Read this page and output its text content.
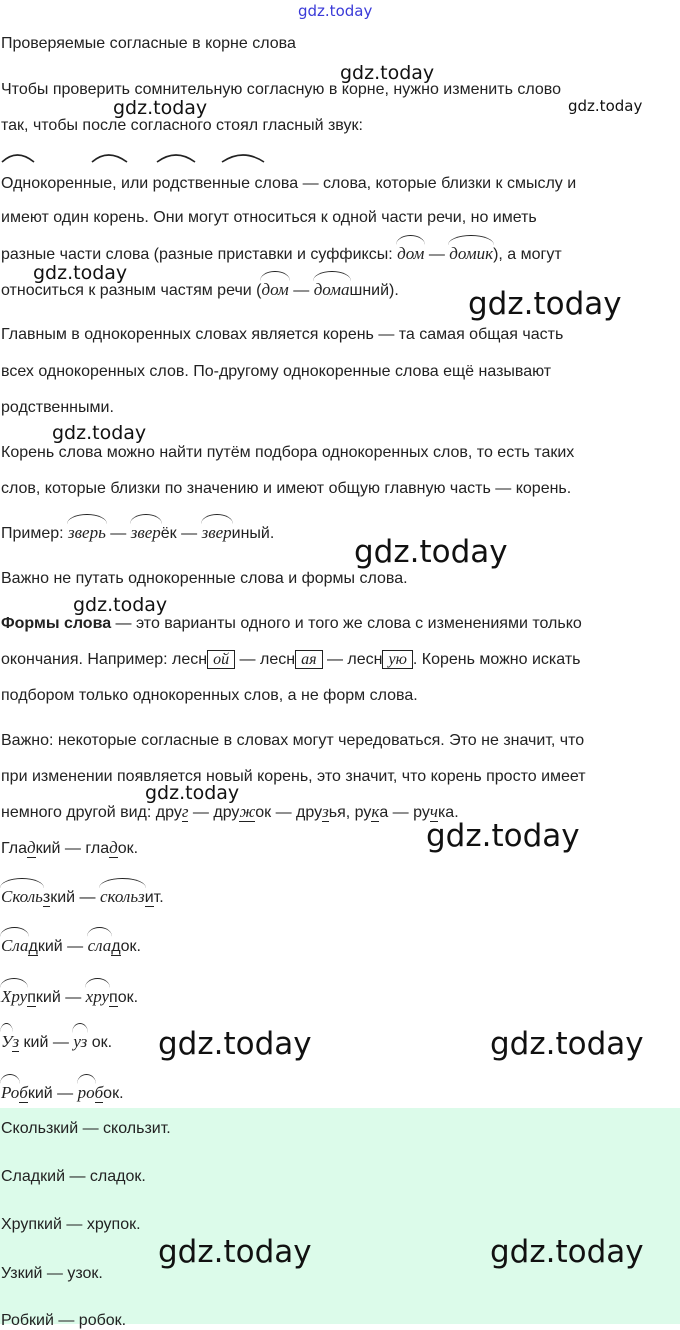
gdz.today
gdz.today
gdz.today	gdz.today
gdz.today
gdz.today
gdz.today
gdz.today
gdz.today
gdz.today
gdz.today
Проверяемые согласные в корне слова
Чтобы проверить сомнительную согласную в корне, нужно изменить слово
так, чтобы после согласного стоял гласный звук:
Однокоренные, или родственные слова — слова, которые близки к смыслу и
имеют один корень. Они могут относиться к одной части речи, но иметь
разные части слова (разные приставки и суффиксы: дом — домик), а могут
относиться к разным частям речи (дом — домашний).
Главным в однокоренных словах является корень — та самая общая часть
всех однокоренных слов. По-другому однокоренные слова ещё называют
родственными.
Корень слова можно найти путём подбора однокоренных слов, то есть таких
слов, которые близки по значению и имеют общую главную часть — корень.
Пример: зверь — зверёк — звериный.
Важно не путать однокоренные слова и формы слова.
Формы слова — это варианты одного и того же слова с изменениями только
окончания. Например: лесн ой — лесн ая — лесн ую . Корень можно искать
подбором только однокоренных слов, а не форм слова.
Важно: некоторые согласные в словах могут чередоваться. Это не значит, что
при изменении появляется новый корень, это значит, что корень просто имеет
немного другой вид: друг — дружок — друзья, рука — ручка.
Гладкий — гладок.
Скользкий — скользит.
Сладкий — сладок.
Хрупкий — хрупок.
Уз кий — уз ок.
Робкий — робок.
gdz.today	gdz.today
Скользкий — скользит.
Сладкий — сладок.
Хрупкий — хрупок.
Узкий — узок.
Робкий — робок.
gdz.today	gdz.today
